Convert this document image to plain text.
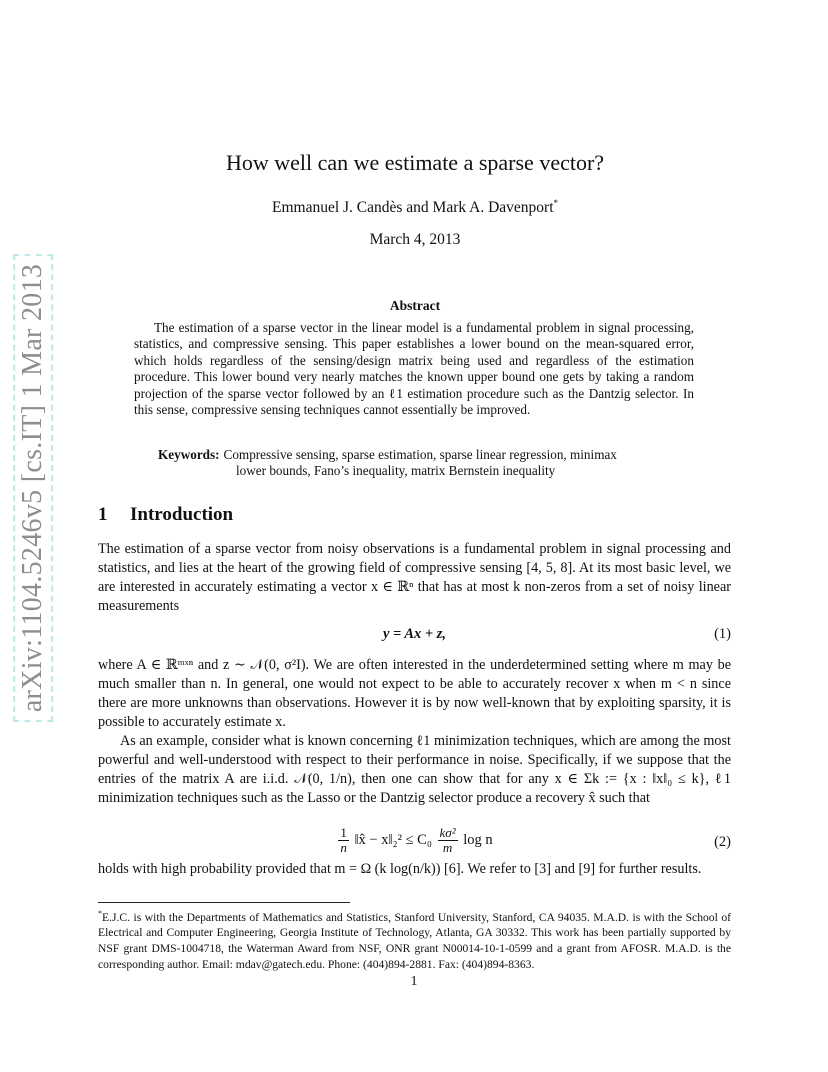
arXiv:1104.5246v5 [cs.IT] 1 Mar 2013
How well can we estimate a sparse vector?
Emmanuel J. Candès and Mark A. Davenport*
March 4, 2013
Abstract
The estimation of a sparse vector in the linear model is a fundamental problem in signal processing, statistics, and compressive sensing. This paper establishes a lower bound on the mean-squared error, which holds regardless of the sensing/design matrix being used and regardless of the estimation procedure. This lower bound very nearly matches the known upper bound one gets by taking a random projection of the sparse vector followed by an ℓ1 estimation procedure such as the Dantzig selector. In this sense, compressive sensing techniques cannot essentially be improved.
Keywords: Compressive sensing, sparse estimation, sparse linear regression, minimax
lower bounds, Fano’s inequality, matrix Bernstein inequality
1 Introduction
The estimation of a sparse vector from noisy observations is a fundamental problem in signal processing and statistics, and lies at the heart of the growing field of compressive sensing [4, 5, 8]. At its most basic level, we are interested in accurately estimating a vector x ∈ ℝⁿ that has at most k non-zeros from a set of noisy linear measurements
y = Ax + z,	(1)
where A ∈ ℝᵐˣⁿ and z ∼ 𝒩(0, σ²I). We are often interested in the underdetermined setting where m may be much smaller than n. In general, one would not expect to be able to accurately recover x when m < n since there are more unknowns than observations. However it is by now well-known that by exploiting sparsity, it is possible to accurately estimate x.
As an example, consider what is known concerning ℓ1 minimization techniques, which are among the most powerful and well-understood with respect to their performance in noise. Specifically, if we suppose that the entries of the matrix A are i.i.d. 𝒩(0, 1/n), then one can show that for any x ∈ Σk := {x : ‖x‖₀ ≤ k}, ℓ1 minimization techniques such as the Lasso or the Dantzig selector produce a recovery x̂ such that
$\frac{1}{n}$ ‖x̂ − x‖₂² ≤ $C_0 \frac{\text{kσ²}}{m}$ log n	(2)
holds with high probability provided that m = Ω (k log(n/k)) [6]. We refer to [3] and [9] for further results.
*E.J.C. is with the Departments of Mathematics and Statistics, Stanford University, Stanford, CA 94035. M.A.D. is with the School of Electrical and Computer Engineering, Georgia Institute of Technology, Atlanta, GA 30332. This work has been partially supported by NSF grant DMS-1004718, the Waterman Award from NSF, ONR grant N00014-10-1-0599 and a grant from AFOSR. M.A.D. is the corresponding author. Email: mdav@gatech.edu. Phone: (404)894-2881. Fax: (404)894-8363.
1
